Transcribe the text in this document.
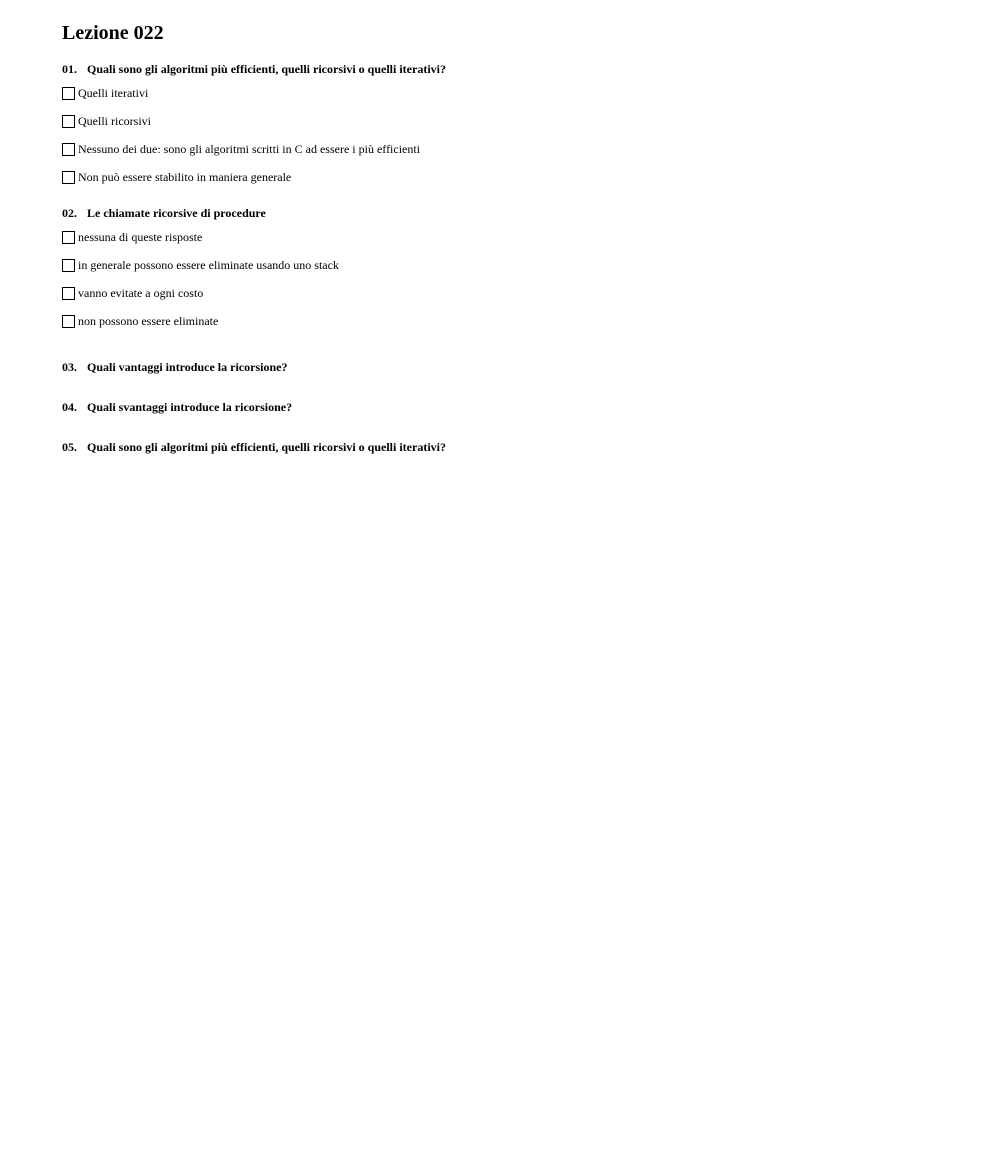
Lezione 022
01. Quali sono gli algoritmi più efficienti, quelli ricorsivi o quelli iterativi?
Quelli iterativi
Quelli ricorsivi
Nessuno dei due: sono gli algoritmi scritti in C ad essere i più efficienti
Non può essere stabilito in maniera generale
02. Le chiamate ricorsive di procedure
nessuna di queste risposte
in generale possono essere eliminate usando uno stack
vanno evitate a ogni costo
non possono essere eliminate
03. Quali vantaggi introduce la ricorsione?
04. Quali svantaggi introduce la ricorsione?
05. Quali sono gli algoritmi più efficienti, quelli ricorsivi o quelli iterativi?
